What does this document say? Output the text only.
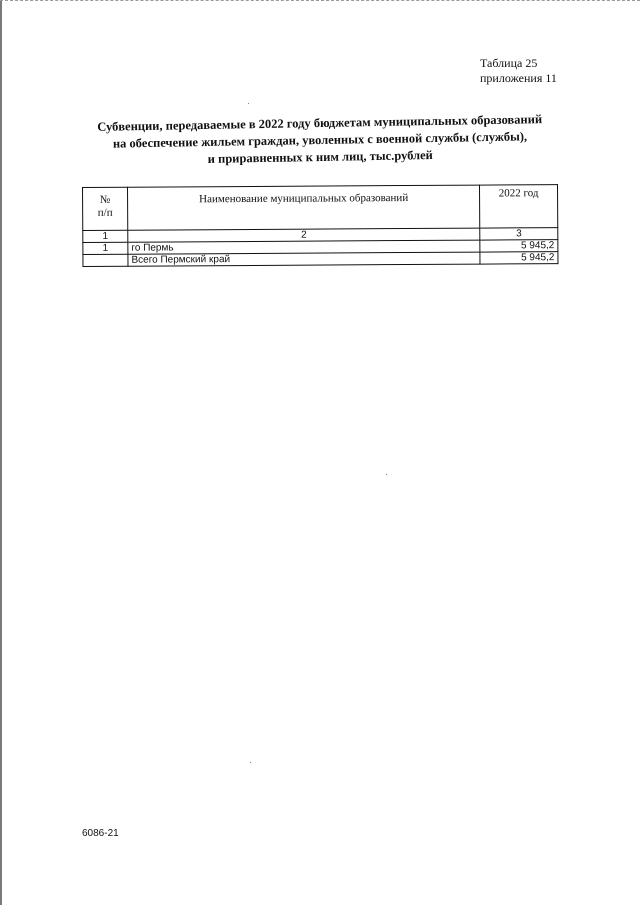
Таблица 25
приложения 11
Субвенции, передаваемые в 2022 году бюджетам муниципальных образований
на обеспечение жильем граждан, уволенных с военной службы (службы),
и приравненных к ним лиц, тыс.рублей
№
п/п	Наименование муниципальных образований	2022 год
1	2	3
1	го Пермь	5 945,2
	Всего Пермский край	5 945,2
6086-21
